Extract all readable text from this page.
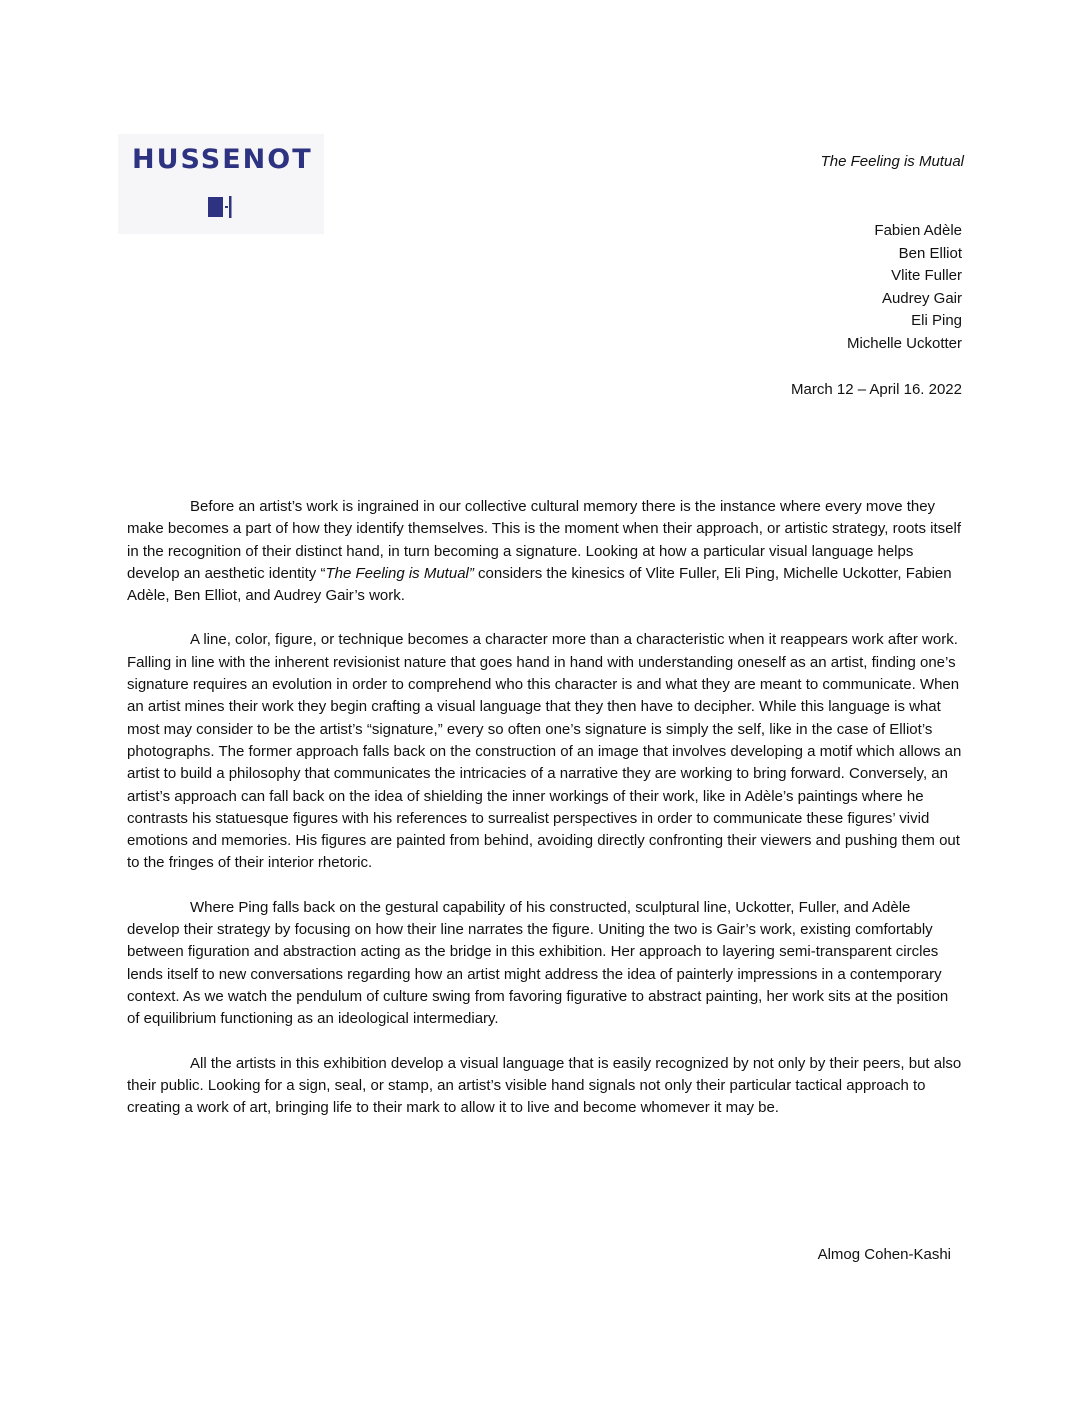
HUSSENOT	The Feeling is Mutual

Fabien Adèle
Ben Elliot
Vlite Fuller
Audrey Gair
Eli Ping
Michelle Uckotter

March 12 – April 16. 2022

Before an artist’s work is ingrained in our collective cultural memory there is the instance where every move they make becomes a part of how they identify themselves. This is the moment when their approach, or artistic strategy, roots itself in the recognition of their distinct hand, in turn becoming a signature. Looking at how a particular visual language helps develop an aesthetic identity “The Feeling is Mutual” considers the kinesics of Vlite Fuller, Eli Ping, Michelle Uckotter, Fabien Adèle, Ben Elliot, and Audrey Gair’s work.

A line, color, figure, or technique becomes a character more than a characteristic when it reappears work after work. Falling in line with the inherent revisionist nature that goes hand in hand with understanding oneself as an artist, finding one’s signature requires an evolution in order to comprehend who this character is and what they are meant to communicate. When an artist mines their work they begin crafting a visual language that they then have to decipher. While this language is what most may consider to be the artist’s “signature,” every so often one’s signature is simply the self, like in the case of Elliot’s photographs. The former approach falls back on the construction of an image that involves developing a motif which allows an artist to build a philosophy that communicates the intricacies of a narrative they are working to bring forward. Conversely, an artist’s approach can fall back on the idea of shielding the inner workings of their work, like in Adèle’s paintings where he contrasts his statuesque figures with his references to surrealist perspectives in order to communicate these figures’ vivid emotions and memories. His figures are painted from behind, avoiding directly confronting their viewers and pushing them out to the fringes of their interior rhetoric.

Where Ping falls back on the gestural capability of his constructed, sculptural line, Uckotter, Fuller, and Adèle develop their strategy by focusing on how their line narrates the figure. Uniting the two is Gair’s work, existing comfortably between figuration and abstraction acting as the bridge in this exhibition. Her approach to layering semi-transparent circles lends itself to new conversations regarding how an artist might address the idea of painterly impressions in a contemporary context. As we watch the pendulum of culture swing from favoring figurative to abstract painting, her work sits at the position of equilibrium functioning as an ideological intermediary.

All the artists in this exhibition develop a visual language that is easily recognized by not only by their peers, but also their public. Looking for a sign, seal, or stamp, an artist’s visible hand signals not only their particular tactical approach to creating a work of art, bringing life to their mark to allow it to live and become whomever it may be.

Almog Cohen-Kashi
